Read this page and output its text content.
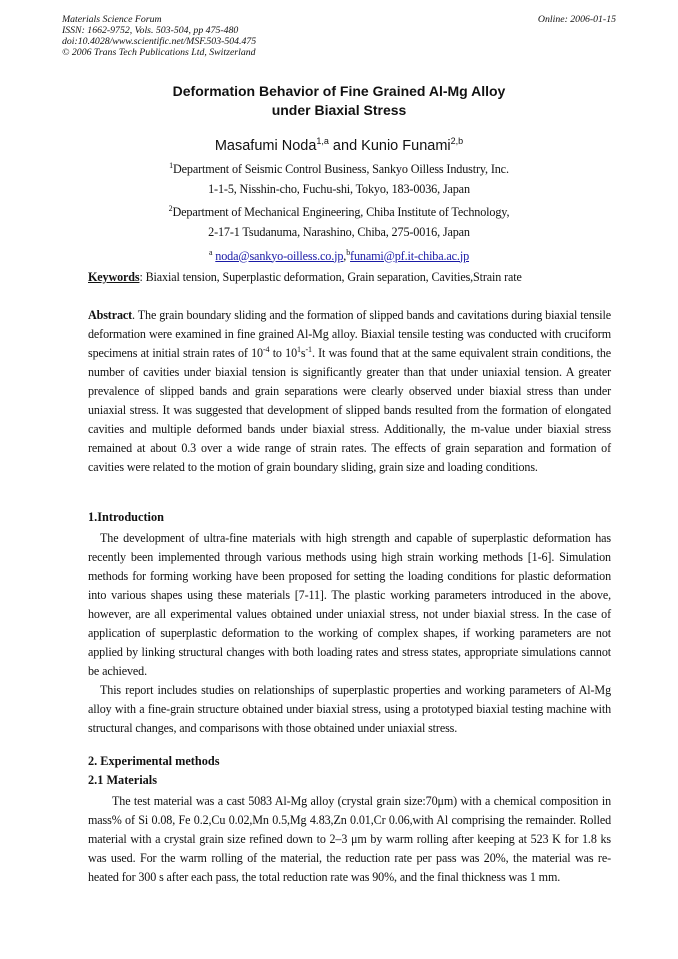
Materials Science Forum
ISSN: 1662-9752, Vols. 503-504, pp 475-480
doi:10.4028/www.scientific.net/MSF.503-504.475
© 2006 Trans Tech Publications Ltd, Switzerland
Online: 2006-01-15
Deformation Behavior of Fine Grained Al-Mg Alloy
under Biaxial Stress
Masafumi Noda$^{1,a}$ and Kunio Funami$^{2,b}$
$^1$Department of Seismic Control Business, Sankyo Oilless Industry, Inc.
1-1-5, Nisshin-cho, Fuchu-shi, Tokyo, 183-0036, Japan
$^2$Department of Mechanical Engineering, Chiba Institute of Technology,
2-17-1 Tsudanuma, Narashino, Chiba, 275-0016, Japan
$^a$ noda@sankyo-oilless.co.jp,$^b$funami@pf.it-chiba.ac.jp
Keywords: Biaxial tension, Superplastic deformation, Grain separation, Cavities,Strain rate
Abstract. The grain boundary sliding and the formation of slipped bands and cavitations during biaxial tensile deformation were examined in fine grained Al-Mg alloy. Biaxial tensile testing was conducted with cruciform specimens at initial strain rates of $10^{-4}$ to $10^1s^{-1}$. It was found that at the same equivalent strain conditions, the number of cavities under biaxial tension is significantly greater than that under uniaxial tension. A greater prevalence of slipped bands and grain separations were clearly observed under biaxial stress than under uniaxial stress. It was suggested that development of slipped bands resulted from the formation of elongated cavities and multiple deformed bands under biaxial stress. Additionally, the m-value under biaxial stress remained at about 0.3 over a wide range of strain rates. The effects of grain separation and formation of cavities were related to the motion of grain boundary sliding, grain size and loading conditions.
1.Introduction

The development of ultra-fine materials with high strength and capable of superplastic deformation has recently been implemented through various methods using high strain working methods [1-6]. Simulation methods for forming working have been proposed for setting the loading conditions for plastic deformation into various shapes using these materials [7-11]. The plastic working parameters introduced in the above, however, are all experimental values obtained under uniaxial stress, not under biaxial stress. In the case of application of superplastic deformation to the working of complex shapes, if working parameters are not applied by linking structural changes with both loading rates and stress states, appropriate simulations cannot be achieved.

This report includes studies on relationships of superplastic properties and working parameters of Al-Mg alloy with a fine-grain structure obtained under biaxial stress, using a prototyped biaxial testing machine with structural changes, and comparisons with those obtained under uniaxial stress.

2. Experimental methods
2.1 Materials

The test material was a cast 5083 Al-Mg alloy (crystal grain size:70μm) with a chemical composition in mass% of Si 0.08, Fe 0.2,Cu 0.02,Mn 0.5,Mg 4.83,Zn 0.01,Cr 0.06,with Al comprising the remainder. Rolled material with a crystal grain size refined down to 2–3 μm by warm rolling after keeping at 523 K for 1.8 ks was used. For the warm rolling of the material, the reduction rate per pass was 20%, the material was re-heated for 300 s after each pass, the total reduction rate was 90%, and the final thickness was 1 mm.
